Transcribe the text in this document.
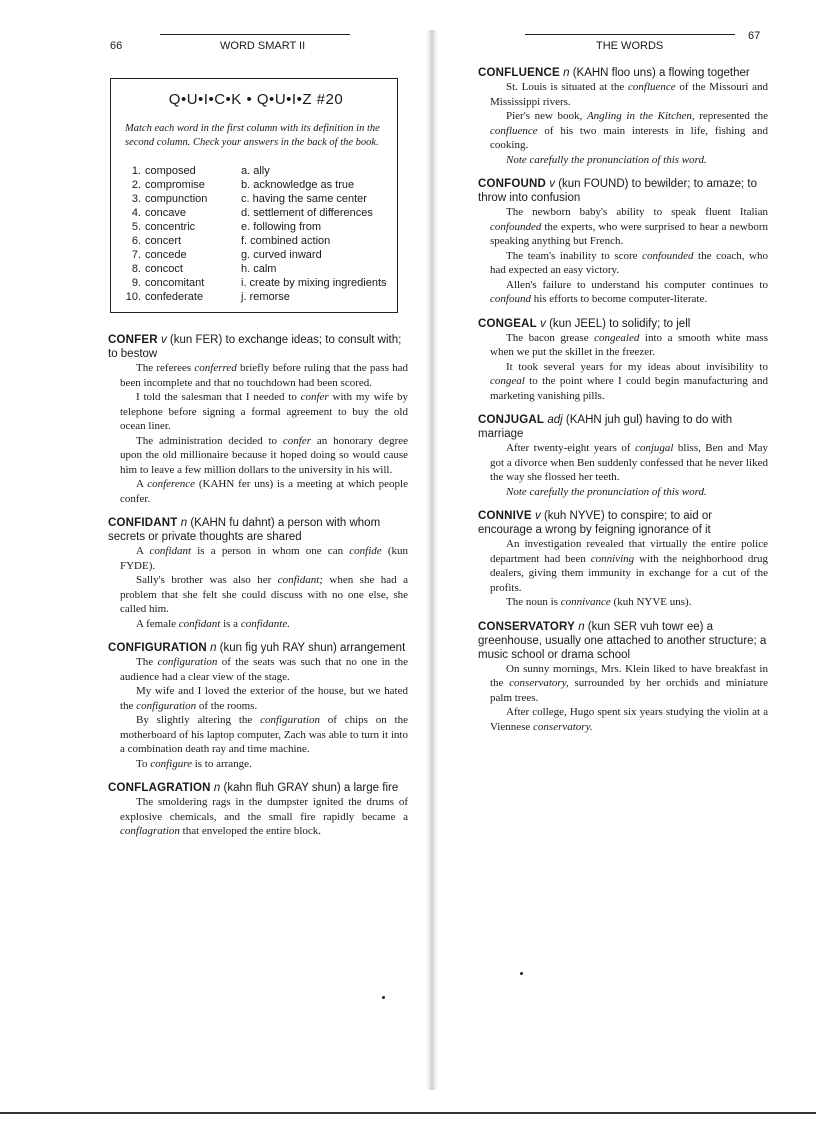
66	WORD SMART II	THE WORDS
67
Q•U•I•C•K • Q•U•I•Z #20
Match each word in the first column with its definition in the second column. Check your answers in the back of the book.
1. composed	a. ally
2. compromise	b. acknowledge as true
3. compunction	c. having the same center
4. concave	d. settlement of differences
5. concentric	e. following from
6. concert	f. combined action
7. concede	g. curved inward
8. concoct	h. calm
9. concomitant	i. create by mixing ingredients
10. confederate	j. remorse
CONFER v (kun FER) to exchange ideas; to consult with; to bestow

The referees conferred briefly before ruling that the pass had been incomplete and that no touchdown had been scored.

I told the salesman that I needed to confer with my wife by telephone before signing a formal agreement to buy the old ocean liner.

The administration decided to confer an honorary degree upon the old millionaire because it hoped doing so would cause him to leave a few million dollars to the university in his will.

A conference (KAHN fer uns) is a meeting at which people confer.

CONFIDANT n (KAHN fu dahnt) a person with whom secrets or private thoughts are shared

A confidant is a person in whom one can confide (kun FYDE).

Sally's brother was also her confidant; when she had a problem that she felt she could discuss with no one else, she called him.

A female confidant is a confidante.

CONFIGURATION n (kun fig yuh RAY shun) arrangement

The configuration of the seats was such that no one in the audience had a clear view of the stage.

My wife and I loved the exterior of the house, but we hated the configuration of the rooms.

By slightly altering the configuration of chips on the motherboard of his laptop computer, Zach was able to turn it into a combination death ray and time machine.

To configure is to arrange.

CONFLAGRATION n (kahn fluh GRAY shun) a large fire

The smoldering rags in the dumpster ignited the drums of explosive chemicals, and the small fire rapidly became a conflagration that enveloped the entire block.

CONFLUENCE n (KAHN floo uns) a flowing together

St. Louis is situated at the confluence of the Missouri and Mississippi rivers.

Pier's new book, Angling in the Kitchen, represented the confluence of his two main interests in life, fishing and cooking.

Note carefully the pronunciation of this word.

CONFOUND v (kun FOUND) to bewilder; to amaze; to throw into confusion

The newborn baby's ability to speak fluent Italian confounded the experts, who were surprised to hear a newborn speaking anything but French.

The team's inability to score confounded the coach, who had expected an easy victory.

Allen's failure to understand his computer continues to confound his efforts to become computer-literate.

CONGEAL v (kun JEEL) to solidify; to jell

The bacon grease congealed into a smooth white mass when we put the skillet in the freezer.

It took several years for my ideas about invisibility to congeal to the point where I could begin manufacturing and marketing vanishing pills.

CONJUGAL adj (KAHN juh gul) having to do with marriage

After twenty-eight years of conjugal bliss, Ben and May got a divorce when Ben suddenly confessed that he never liked the way she flossed her teeth.

Note carefully the pronunciation of this word.

CONNIVE v (kuh NYVE) to conspire; to aid or encourage a wrong by feigning ignorance of it

An investigation revealed that virtually the entire police department had been conniving with the neighborhood drug dealers, giving them immunity in exchange for a cut of the profits.

The noun is connivance (kuh NYVE uns).

CONSERVATORY n (kun SER vuh towr ee) a greenhouse, usually one attached to another structure; a music school or drama school

On sunny mornings, Mrs. Klein liked to have breakfast in the conservatory, surrounded by her orchids and miniature palm trees.

After college, Hugo spent six years studying the violin at a Viennese conservatory.
